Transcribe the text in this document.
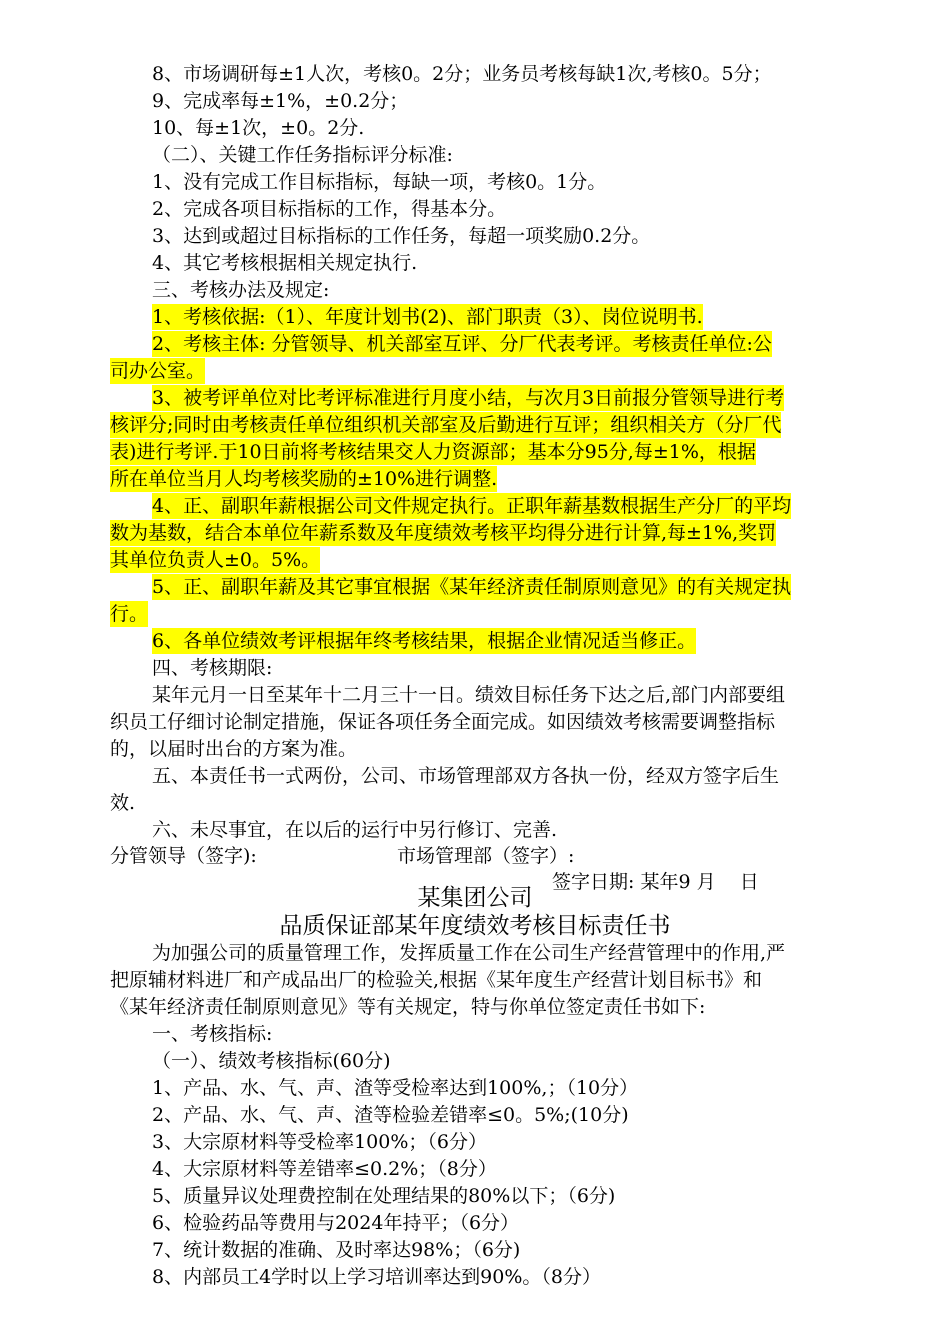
8、市场调研每±1人次，考核0。2分；业务员考核每缺1次,考核0。5分；
9、完成率每±1%，±0.2分；
10、每±1次，±0。2分.
（二）、关键工作任务指标评分标准:
1、没有完成工作目标指标，每缺一项，考核0。1分。
2、完成各项目标指标的工作，得基本分。
3、达到或超过目标指标的工作任务，每超一项奖励0.2分。
4、其它考核根据相关规定执行.
三、考核办法及规定:
1、考核依据:（1）、年度计划书(2)、部门职责（3）、岗位说明书.
2、考核主体: 分管领导、机关部室互评、分厂代表考评。考核责任单位:公
司办公室。
3、被考评单位对比考评标准进行月度小结，与次月3日前报分管领导进行考
核评分;同时由考核责任单位组织机关部室及后勤进行互评；组织相关方（分厂代
表)进行考评.于10日前将考核结果交人力资源部；基本分95分,每±1%，根据
所在单位当月人均考核奖励的±10%进行调整.
4、正、副职年薪根据公司文件规定执行。正职年薪基数根据生产分厂的平均
数为基数，结合本单位年薪系数及年度绩效考核平均得分进行计算,每±1%,奖罚
其单位负责人±0。5%。
5、正、副职年薪及其它事宜根据《某年经济责任制原则意见》的有关规定执
行。
6、各单位绩效考评根据年终考核结果，根据企业情况适当修正。
四、考核期限:
某年元月一日至某年十二月三十一日。绩效目标任务下达之后,部门内部要组
织员工仔细讨论制定措施，保证各项任务全面完成。如因绩效考核需要调整指标
的，以届时出台的方案为准。
五、本责任书一式两份，公司、市场管理部双方各执一份，经双方签字后生
效.
六、未尽事宜，在以后的运行中另行修订、完善.
分管领导（签字):	市场管理部（签字）:
签字日期: 某年9 月    日
某集团公司
品质保证部某年度绩效考核目标责任书
为加强公司的质量管理工作，发挥质量工作在公司生产经营管理中的作用,严
把原辅材料进厂和产成品出厂的检验关,根据《某年度生产经营计划目标书》和
《某年经济责任制原则意见》等有关规定，特与你单位签定责任书如下:
一、考核指标:
（一）、绩效考核指标(60分)
1、产品、水、气、声、渣等受检率达到100%,；（10分）
2、产品、水、气、声、渣等检验差错率≤0。5%;(10分)
3、大宗原材料等受检率100%；（6分）
4、大宗原材料等差错率≤0.2%；（8分）
5、质量异议处理费控制在处理结果的80%以下；（6分)
6、检验药品等费用与2024年持平；（6分）
7、统计数据的准确、及时率达98%；（6分)
8、内部员工4学时以上学习培训率达到90%。（8分）
